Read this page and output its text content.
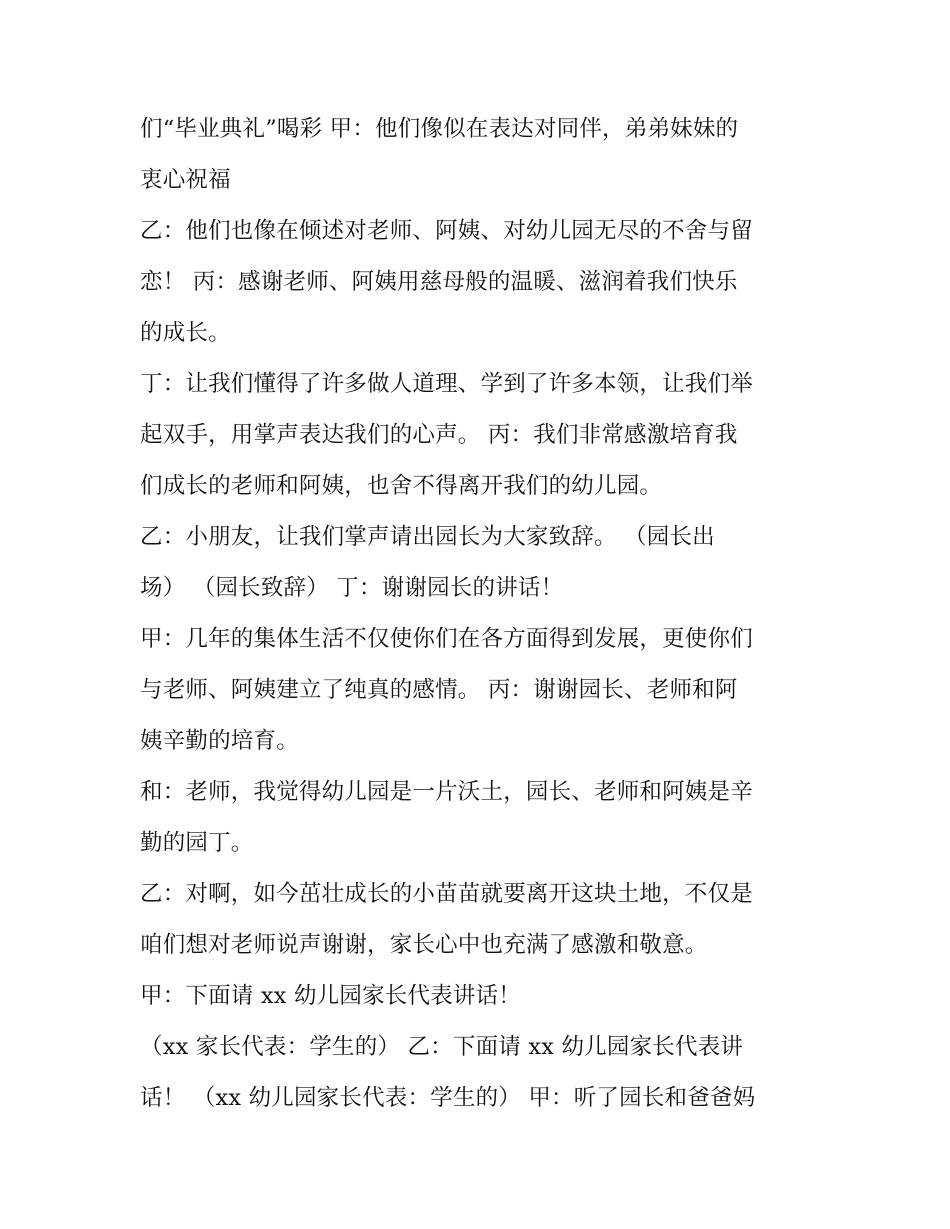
们“毕业典礼”喝彩 甲：他们像似在表达对同伴，弟弟妹妹的
衷心祝福
乙：他们也像在倾述对老师、阿姨、对幼儿园无尽的不舍与留
恋！ 丙：感谢老师、阿姨用慈母般的温暖、滋润着我们快乐
的成长。
丁：让我们懂得了许多做人道理、学到了许多本领，让我们举
起双手，用掌声表达我们的心声。 丙：我们非常感激培育我
们成长的老师和阿姨，也舍不得离开我们的幼儿园。
乙：小朋友，让我们掌声请出园长为大家致辞。 （园长出
场） （园长致辞） 丁：谢谢园长的讲话！
甲：几年的集体生活不仅使你们在各方面得到发展，更使你们
与老师、阿姨建立了纯真的感情。 丙：谢谢园长、老师和阿
姨辛勤的培育。
和：老师，我觉得幼儿园是一片沃土，园长、老师和阿姨是辛
勤的园丁。
乙：对啊，如今茁壮成长的小苗苗就要离开这块土地，不仅是
咱们想对老师说声谢谢，家长心中也充满了感激和敬意。
甲：下面请 xx 幼儿园家长代表讲话！
（xx 家长代表：学生的） 乙：下面请 xx 幼儿园家长代表讲
话！ （xx 幼儿园家长代表：学生的） 甲：听了园长和爸爸妈
